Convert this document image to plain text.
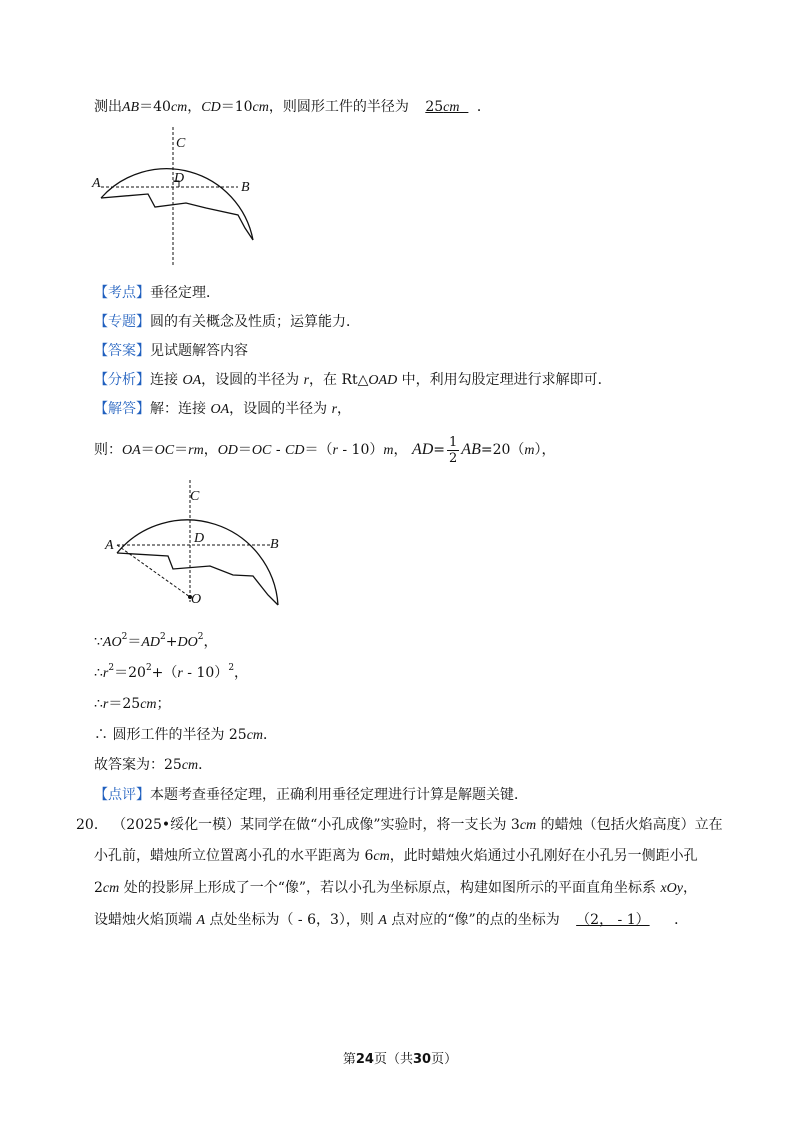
测出AB＝40cm，CD＝10cm，则圆形工件的半径为 25cm ．
C
D
A	B
【考点】垂径定理．
【专题】圆的有关概念及性质；运算能力．
【答案】见试题解答内容
【分析】连接 OA，设圆的半径为 r，在 Rt△OAD 中，利用勾股定理进行求解即可．
【解答】解：连接 OA，设圆的半径为 r，
则：OA＝OC＝rm，OD＝OC - CD＝（r - 10）m， $AD= \frac{1}{2} AB=20(m)$，
C
D
A	B
O
$\because AO^2=AD^2+DO^2$，
$\therefore r^2=20^2+(r - 10)^2$，
∴r＝25cm；
∴ 圆形工件的半径为 25cm．
故答案为：25cm．
【点评】本题考查垂径定理，正确利用垂径定理进行计算是解题关键．
20． （2025•绥化一模）某同学在做“小孔成像”实验时，将一支长为 3cm 的蜡烛（包括火焰高度）立在
小孔前，蜡烛所立位置离小孔的水平距离为 6cm，此时蜡烛火焰通过小孔刚好在小孔另一侧距小孔
2cm 处的投影屏上形成了一个“像”，若以小孔为坐标原点，构建如图所示的平面直角坐标系 xOy，
设蜡烛火焰顶端 A 点处坐标为（ - 6，3），则 A 点对应的“像”的点的坐标为 （2， - 1） ．
第24页（共30页）
